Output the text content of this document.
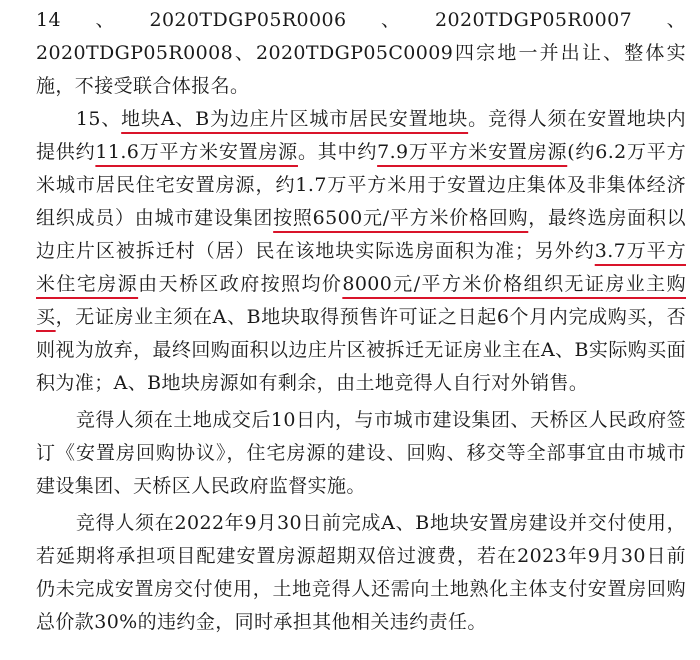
14、2020TDGP05R0006、2020TDGP05R0007、2020TDGP05R0008、2020TDGP05C0009四宗地一并出让、整体实施，不接受联合体报名。

15、地块A、B为边庄片区城市居民安置地块。竞得人须在安置地块内提供约11.6万平方米安置房源。其中约7.9万平方米安置房源(约6.2万平方米城市居民住宅安置房源，约1.7万平方米用于安置边庄集体及非集体经济组织成员）由城市建设集团按照6500元/平方米价格回购，最终选房面积以边庄片区被拆迁村（居）民在该地块实际选房面积为准；另外约3.7万平方米住宅房源由天桥区政府按照均价8000元/平方米价格组织无证房业主购买，无证房业主须在A、B地块取得预售许可证之日起6个月内完成购买，否则视为放弃，最终回购面积以边庄片区被拆迁无证房业主在A、B实际购买面积为准；A、B地块房源如有剩余，由土地竞得人自行对外销售。

竞得人须在土地成交后10日内，与市城市建设集团、天桥区人民政府签订《安置房回购协议》，住宅房源的建设、回购、移交等全部事宜由市城市建设集团、天桥区人民政府监督实施。

竞得人须在2022年9月30日前完成A、B地块安置房建设并交付使用，若延期将承担项目配建安置房源超期双倍过渡费，若在2023年9月30日前仍未完成安置房交付使用，土地竞得人还需向土地熟化主体支付安置房回购总价款30%的违约金，同时承担其他相关违约责任。
